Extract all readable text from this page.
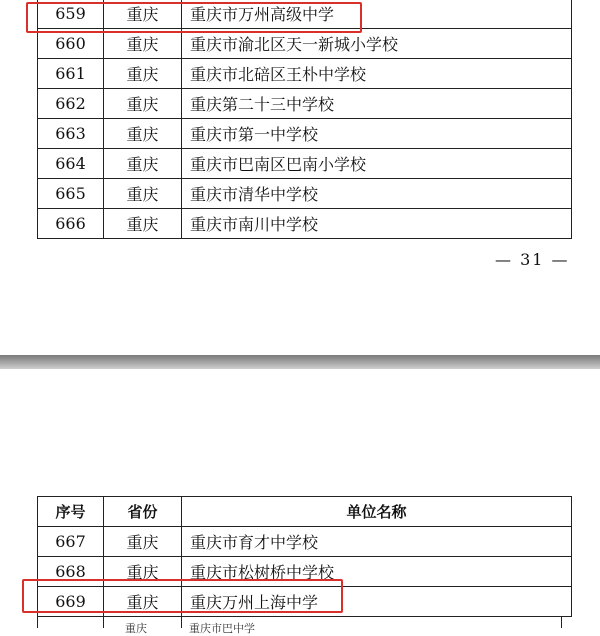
659	重庆	重庆市万州高级中学
660	重庆	重庆市渝北区天一新城小学校
661	重庆	重庆市北碚区王朴中学校
662	重庆	重庆第二十三中学校
663	重庆	重庆市第一中学校
664	重庆	重庆市巴南区巴南小学校
665	重庆	重庆市清华中学校
666	重庆	重庆市南川中学校
— 31 —
序号	省份	单位名称
667	重庆	重庆市育才中学校
668	重庆	重庆市松树桥中学校
669	重庆	重庆万州上海中学
重庆	重庆市巴中学
